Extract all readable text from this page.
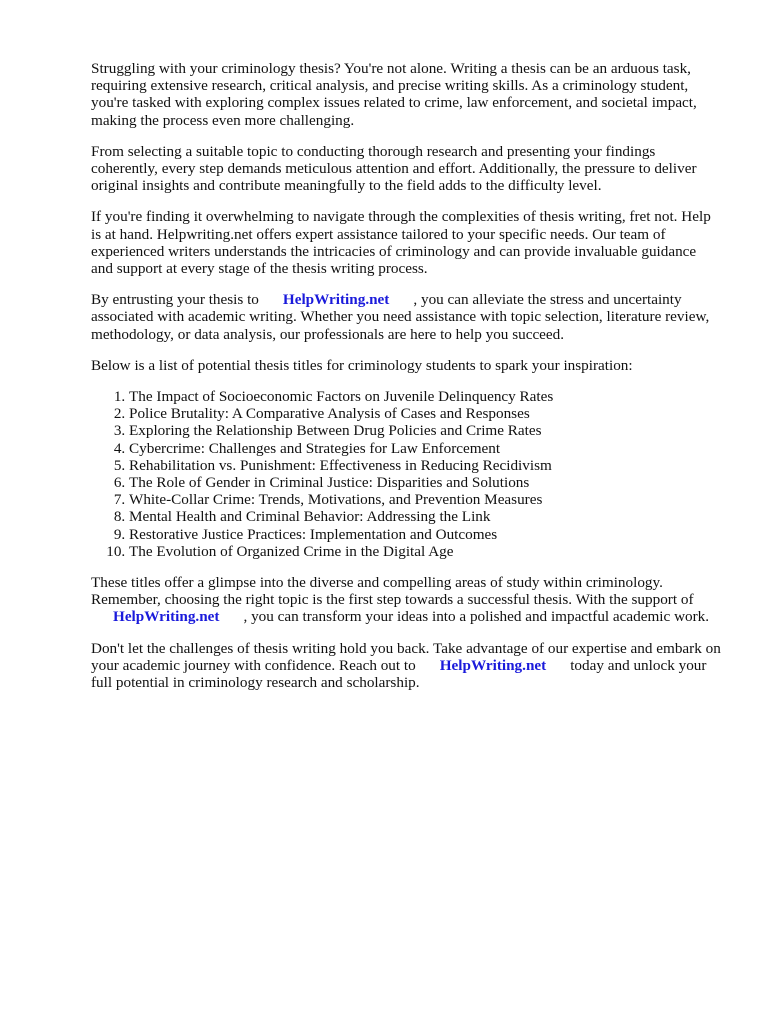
Struggling with your criminology thesis? You're not alone. Writing a thesis can be an arduous task, requiring extensive research, critical analysis, and precise writing skills. As a criminology student, you're tasked with exploring complex issues related to crime, law enforcement, and societal impact, making the process even more challenging.

From selecting a suitable topic to conducting thorough research and presenting your findings coherently, every step demands meticulous attention and effort. Additionally, the pressure to deliver original insights and contribute meaningfully to the field adds to the difficulty level.

If you're finding it overwhelming to navigate through the complexities of thesis writing, fret not. Help is at hand. Helpwriting.net offers expert assistance tailored to your specific needs. Our team of experienced writers understands the intricacies of criminology and can provide invaluable guidance and support at every stage of the thesis writing process.

By entrusting your thesis to HelpWriting.net , you can alleviate the stress and uncertainty associated with academic writing. Whether you need assistance with topic selection, literature review, methodology, or data analysis, our professionals are here to help you succeed.

Below is a list of potential thesis titles for criminology students to spark your inspiration:

1. The Impact of Socioeconomic Factors on Juvenile Delinquency Rates
2. Police Brutality: A Comparative Analysis of Cases and Responses
3. Exploring the Relationship Between Drug Policies and Crime Rates
4. Cybercrime: Challenges and Strategies for Law Enforcement
5. Rehabilitation vs. Punishment: Effectiveness in Reducing Recidivism
6. The Role of Gender in Criminal Justice: Disparities and Solutions
7. White-Collar Crime: Trends, Motivations, and Prevention Measures
8. Mental Health and Criminal Behavior: Addressing the Link
9. Restorative Justice Practices: Implementation and Outcomes
10. The Evolution of Organized Crime in the Digital Age

These titles offer a glimpse into the diverse and compelling areas of study within criminology. Remember, choosing the right topic is the first step towards a successful thesis. With the support of HelpWriting.net , you can transform your ideas into a polished and impactful academic work.

Don't let the challenges of thesis writing hold you back. Take advantage of our expertise and embark on your academic journey with confidence. Reach out to HelpWriting.net today and unlock your full potential in criminology research and scholarship.
